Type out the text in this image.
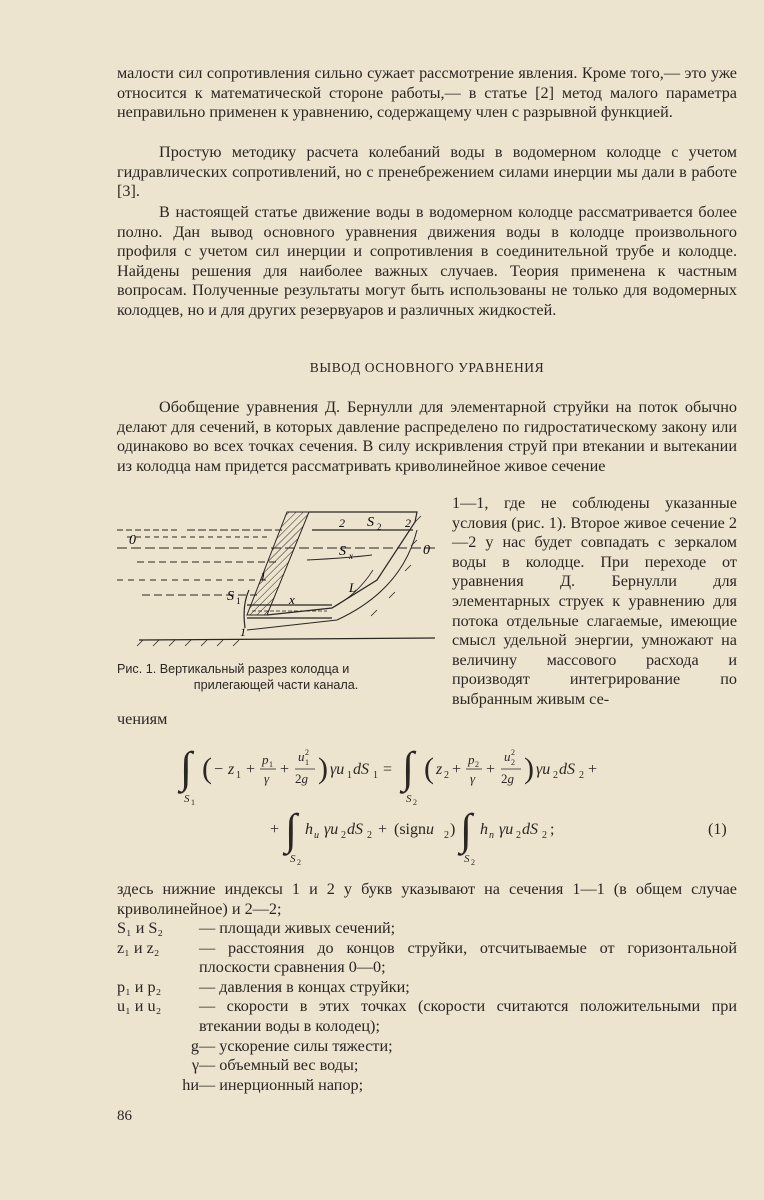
малости сил сопротивления сильно сужает рассмотрение явления. Кроме того,— это уже относится к математической стороне работы,— в статье [2] метод малого параметра неправильно применен к уравнению, содержащему член с разрывной функцией.

Простую методику расчета колебаний воды в водомерном колодце с учетом гидравлических сопротивлений, но с пренебрежением силами инерции мы дали в работе [3].

В настоящей статье движение воды в водомерном колодце рассматривается более полно. Дан вывод основного уравнения движения воды в колодце произвольного профиля с учетом сил инерции и сопротивления в соединительной трубе и колодце. Найдены решения для наиболее важных случаев. Теория применена к частным вопросам. Полученные результаты могут быть использованы не только для водомерных колодцев, но и для других резервуаров и различных жидкостей.

ВЫВОД ОСНОВНОГО УРАВНЕНИЯ

Обобщение уравнения Д. Бернулли для элементарной струйки на поток обычно делают для сечений, в которых давление распределено по гидростатическому закону или одинаково во всех точках сечения. В силу искривления струй при втекании и вытекании из колодца нам придется рассматривать криволинейное живое сечение

0
0
2	2
S 2
S x
S 1
1
1
x
L
Рис. 1. Вертикальный разрез колодца и
прилегающей части канала.

1—1, где не соблюдены указанные условия (рис. 1). Второе живое сечение 2—2 у нас будет совпадать с зеркалом воды в колодце. При переходе от уравнения Д. Бернулли для элементарных струек к уравнению для потока отдельные слагаемые, имеющие смысл удельной энергии, умножают на величину массового расхода и производят интегрирование по выбранным живым се-

чениям

∫
S 1
( − z 1 +
p 1
γ
+
u 2
1
2g ) γu 1 dS 1 = ∫
S 2
( z 2 +
p 2
γ
+
u 2
2
2g ) γu 2 dS 2 +
+ ∫
S 2
h и γu 2 dS 2 + (signu 2 ) ∫
S 2
h п γu 2 dS 2 ;	(1)

здесь нижние индексы 1 и 2 у букв указывают на сечения 1—1 (в общем случае криволинейное) и 2—2;

S₁ и S₂	— площади живых сечений;
z₁ и z₂	— расстояния до концов струйки, отсчитываемые от горизонтальной плоскости сравнения 0—0;
p₁ и p₂	— давления в концах струйки;
u₁ и u₂	— скорости в этих точках (скорости считаются положительными при втекании воды в колодец);
g — ускорение силы тяжести;
γ — объемный вес воды;
hи — инерционный напор;
86
